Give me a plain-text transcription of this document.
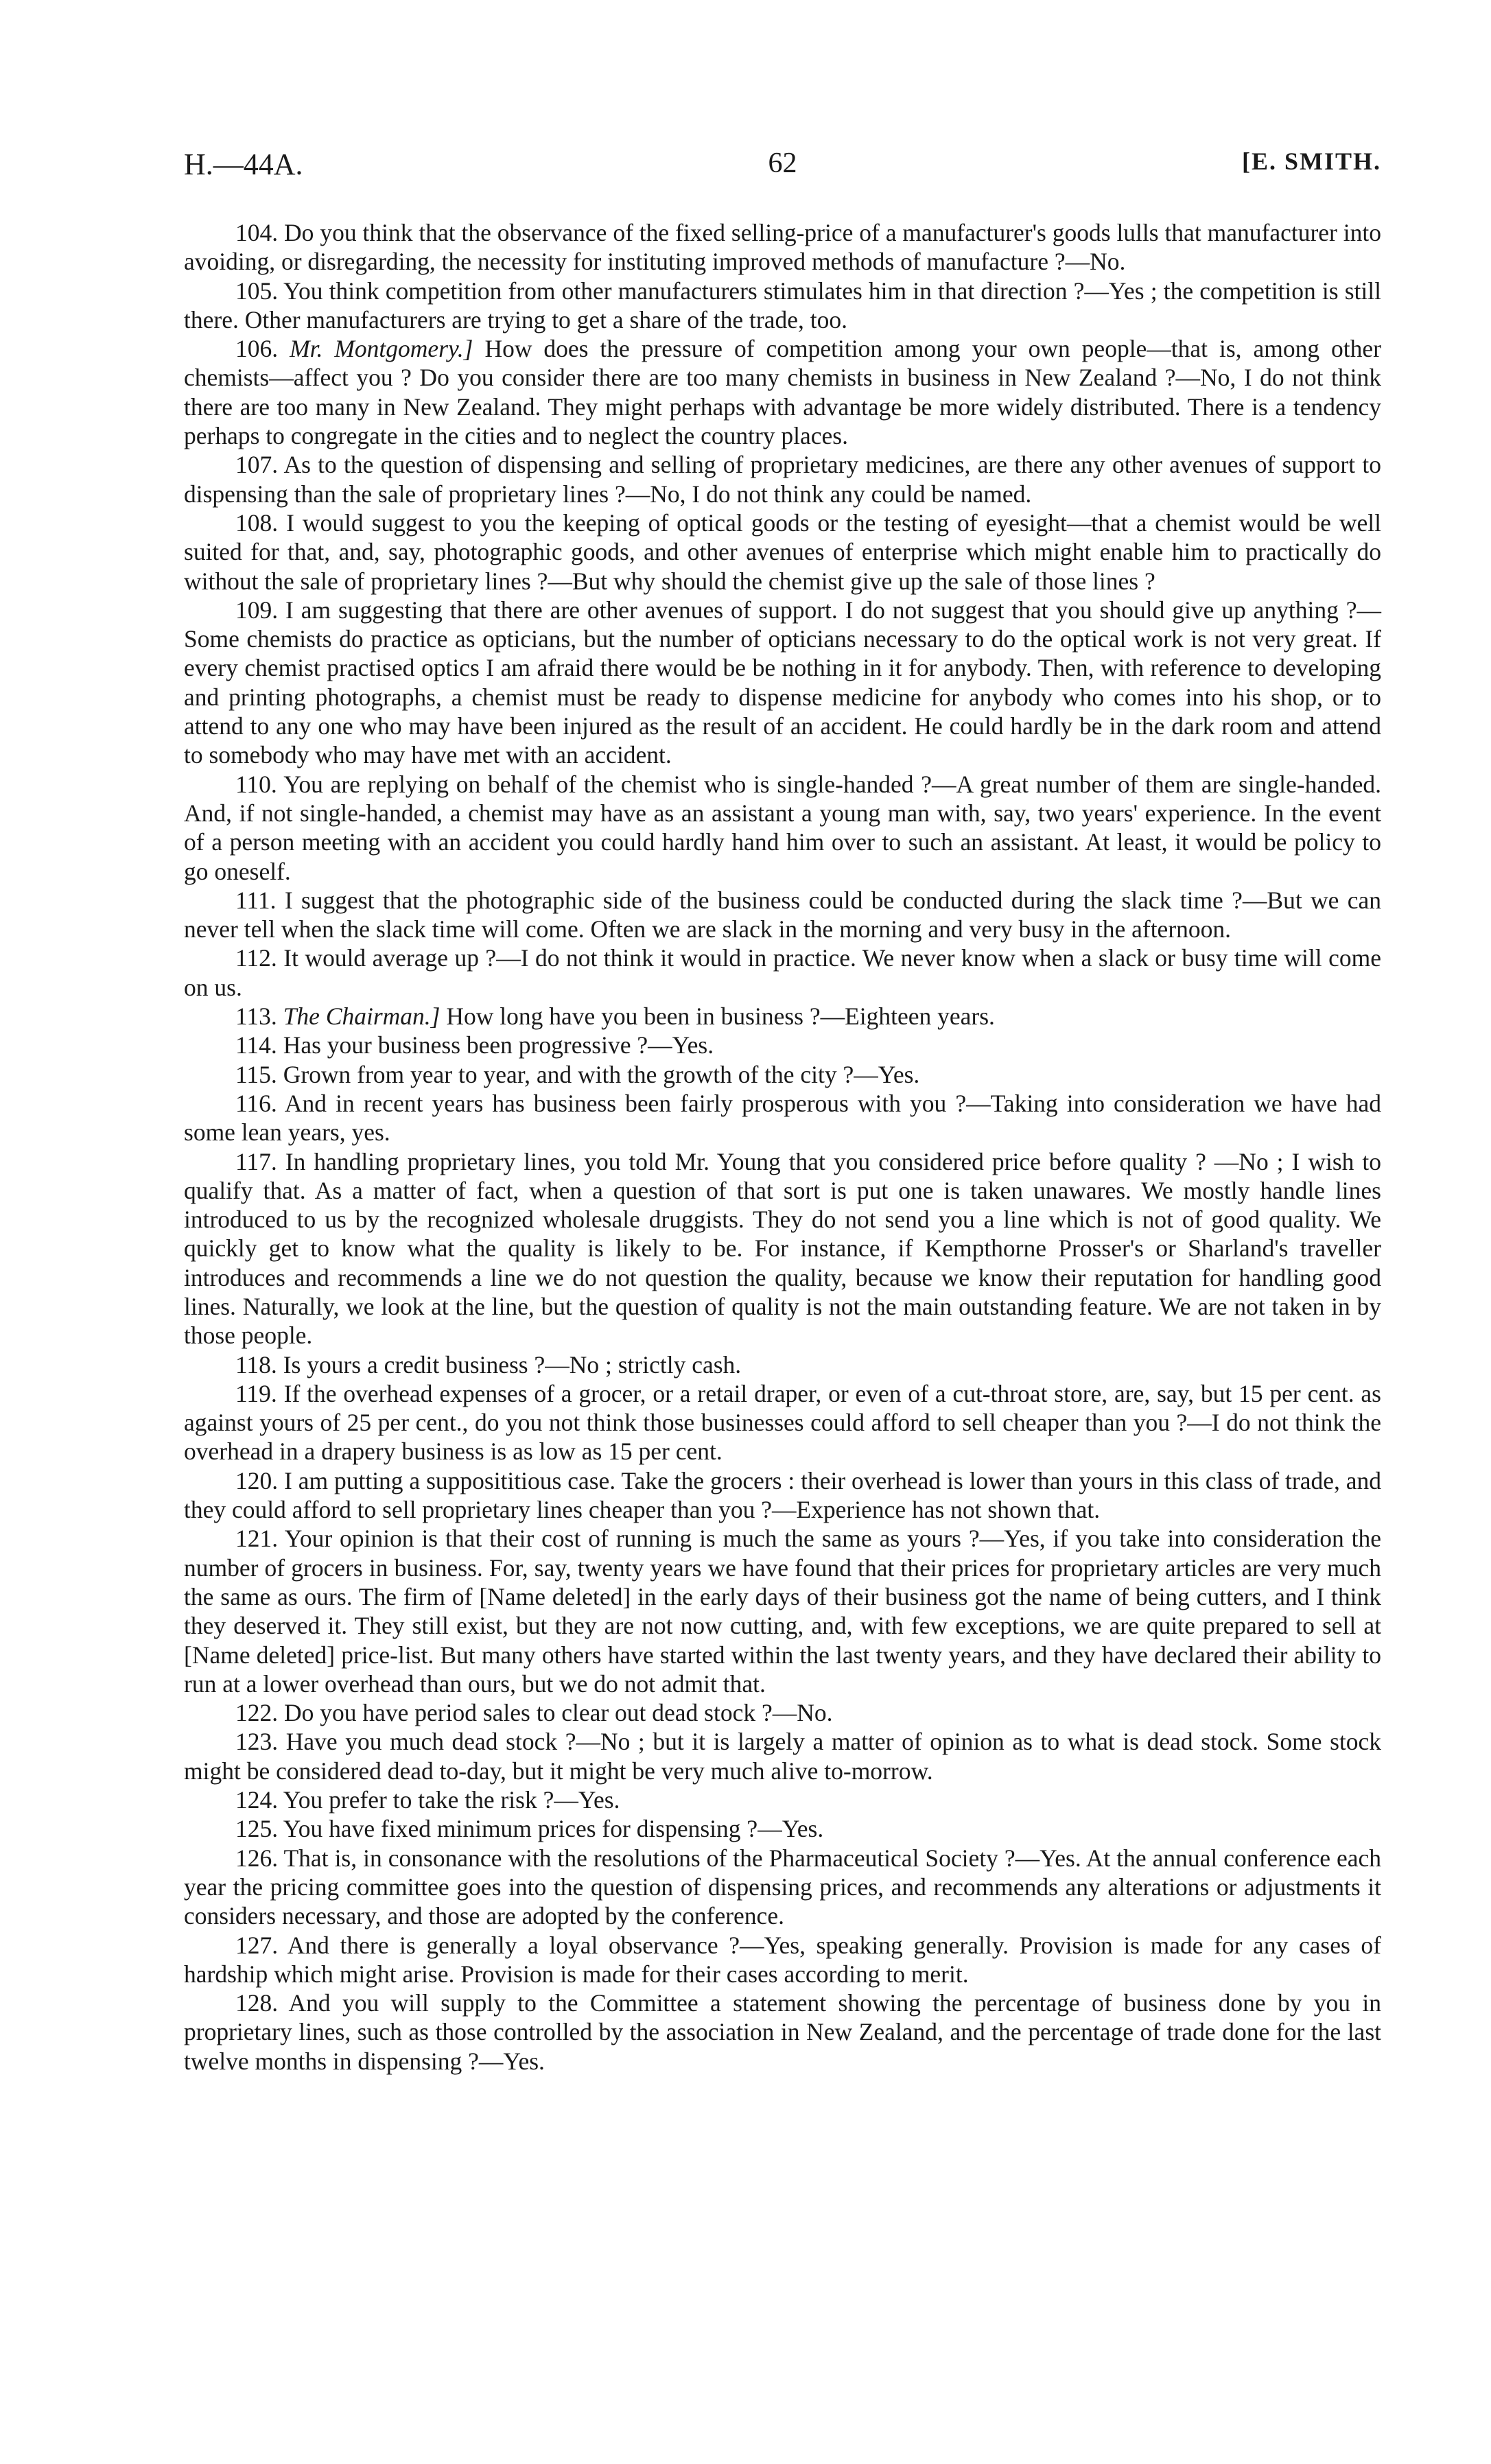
H.—44A.	62	[E. SMITH.

104. Do you think that the observance of the fixed selling-price of a manufacturer's goods lulls that manufacturer into avoiding, or disregarding, the necessity for instituting improved methods of manufacture ?—No.

105. You think competition from other manufacturers stimulates him in that direction ?—Yes ; the competition is still there. Other manufacturers are trying to get a share of the trade, too.

106. Mr. Montgomery.] How does the pressure of competition among your own people—that is, among other chemists—affect you ? Do you consider there are too many chemists in business in New Zealand ?—No, I do not think there are too many in New Zealand. They might perhaps with advantage be more widely distributed. There is a tendency perhaps to congregate in the cities and to neglect the country places.

107. As to the question of dispensing and selling of proprietary medicines, are there any other avenues of support to dispensing than the sale of proprietary lines ?—No, I do not think any could be named.

108. I would suggest to you the keeping of optical goods or the testing of eyesight—that a chemist would be well suited for that, and, say, photographic goods, and other avenues of enterprise which might enable him to practically do without the sale of proprietary lines ?—But why should the chemist give up the sale of those lines ?

109. I am suggesting that there are other avenues of support. I do not suggest that you should give up anything ?—Some chemists do practice as opticians, but the number of opticians necessary to do the optical work is not very great. If every chemist practised optics I am afraid there would be be nothing in it for anybody. Then, with reference to developing and printing photographs, a chemist must be ready to dispense medicine for anybody who comes into his shop, or to attend to any one who may have been injured as the result of an accident. He could hardly be in the dark room and attend to somebody who may have met with an accident.

110. You are replying on behalf of the chemist who is single-handed ?—A great number of them are single-handed. And, if not single-handed, a chemist may have as an assistant a young man with, say, two years' experience. In the event of a person meeting with an accident you could hardly hand him over to such an assistant. At least, it would be policy to go oneself.

111. I suggest that the photographic side of the business could be conducted during the slack time ?—But we can never tell when the slack time will come. Often we are slack in the morning and very busy in the afternoon.

112. It would average up ?—I do not think it would in practice. We never know when a slack or busy time will come on us.

113. The Chairman.] How long have you been in business ?—Eighteen years.

114. Has your business been progressive ?—Yes.

115. Grown from year to year, and with the growth of the city ?—Yes.

116. And in recent years has business been fairly prosperous with you ?—Taking into consideration we have had some lean years, yes.

117. In handling proprietary lines, you told Mr. Young that you considered price before quality ? —No ; I wish to qualify that. As a matter of fact, when a question of that sort is put one is taken unawares. We mostly handle lines introduced to us by the recognized wholesale druggists. They do not send you a line which is not of good quality. We quickly get to know what the quality is likely to be. For instance, if Kempthorne Prosser's or Sharland's traveller introduces and recommends a line we do not question the quality, because we know their reputation for handling good lines. Naturally, we look at the line, but the question of quality is not the main outstanding feature. We are not taken in by those people.

118. Is yours a credit business ?—No ; strictly cash.

119. If the overhead expenses of a grocer, or a retail draper, or even of a cut-throat store, are, say, but 15 per cent. as against yours of 25 per cent., do you not think those businesses could afford to sell cheaper than you ?—I do not think the overhead in a drapery business is as low as 15 per cent.

120. I am putting a supposititious case. Take the grocers : their overhead is lower than yours in this class of trade, and they could afford to sell proprietary lines cheaper than you ?—Experience has not shown that.

121. Your opinion is that their cost of running is much the same as yours ?—Yes, if you take into consideration the number of grocers in business. For, say, twenty years we have found that their prices for proprietary articles are very much the same as ours. The firm of [Name deleted] in the early days of their business got the name of being cutters, and I think they deserved it. They still exist, but they are not now cutting, and, with few exceptions, we are quite prepared to sell at [Name deleted] price-list. But many others have started within the last twenty years, and they have declared their ability to run at a lower overhead than ours, but we do not admit that.

122. Do you have period sales to clear out dead stock ?—No.

123. Have you much dead stock ?—No ; but it is largely a matter of opinion as to what is dead stock. Some stock might be considered dead to-day, but it might be very much alive to-morrow.

124. You prefer to take the risk ?—Yes.

125. You have fixed minimum prices for dispensing ?—Yes.

126. That is, in consonance with the resolutions of the Pharmaceutical Society ?—Yes. At the annual conference each year the pricing committee goes into the question of dispensing prices, and recommends any alterations or adjustments it considers necessary, and those are adopted by the conference.

127. And there is generally a loyal observance ?—Yes, speaking generally. Provision is made for any cases of hardship which might arise. Provision is made for their cases according to merit.

128. And you will supply to the Committee a statement showing the percentage of business done by you in proprietary lines, such as those controlled by the association in New Zealand, and the percentage of trade done for the last twelve months in dispensing ?—Yes.
